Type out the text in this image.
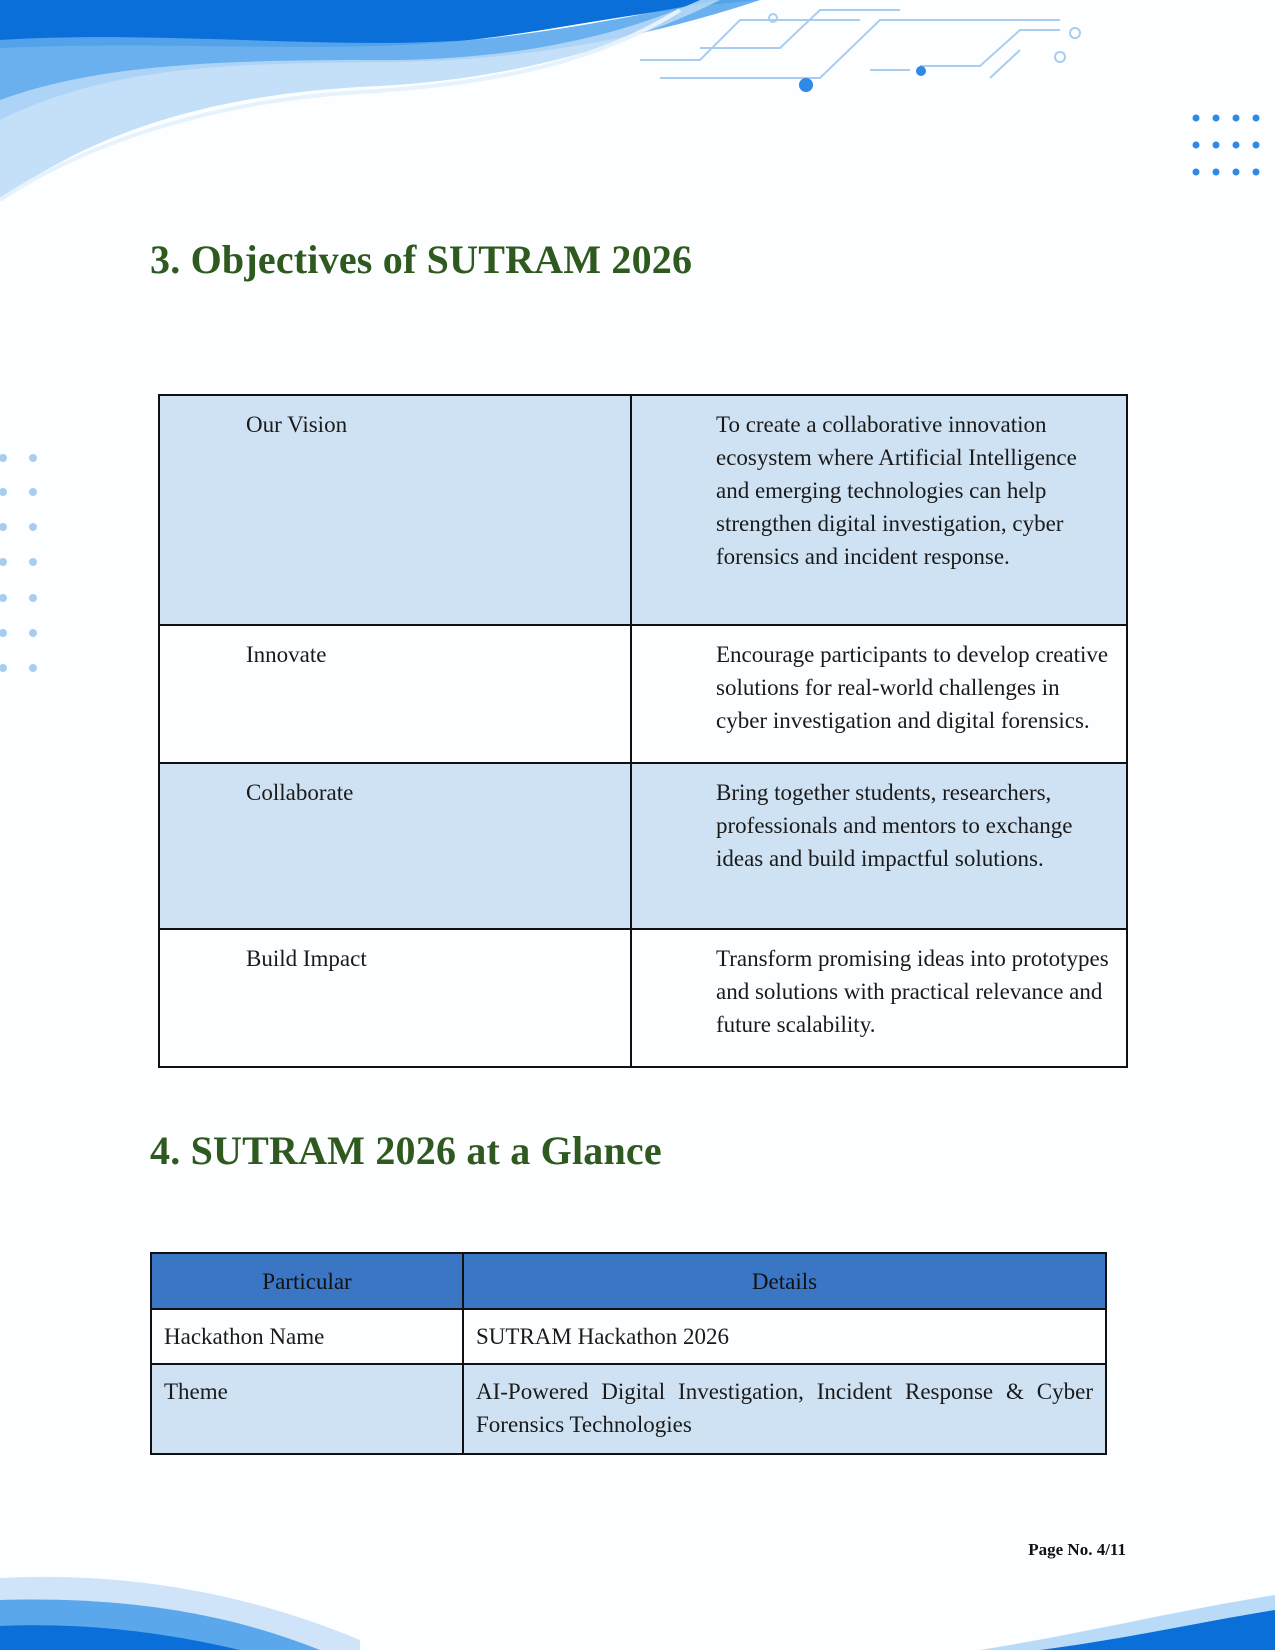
3. Objectives of SUTRAM 2026
Our Vision	To create a collaborative innovation ecosystem where Artificial Intelligence and emerging technologies can help strengthen digital investigation, cyber forensics and incident response.
Innovate	Encourage participants to develop creative solutions for real-world challenges in cyber investigation and digital forensics.
Collaborate	Bring together students, researchers, professionals and mentors to exchange ideas and build impactful solutions.
Build Impact	Transform promising ideas into prototypes and solutions with practical relevance and future scalability.
4. SUTRAM 2026 at a Glance
Particular	Details
Hackathon Name	SUTRAM Hackathon 2026
Theme	AI-Powered Digital Investigation, Incident Response & Cyber Forensics Technologies
Page No. 4/11
